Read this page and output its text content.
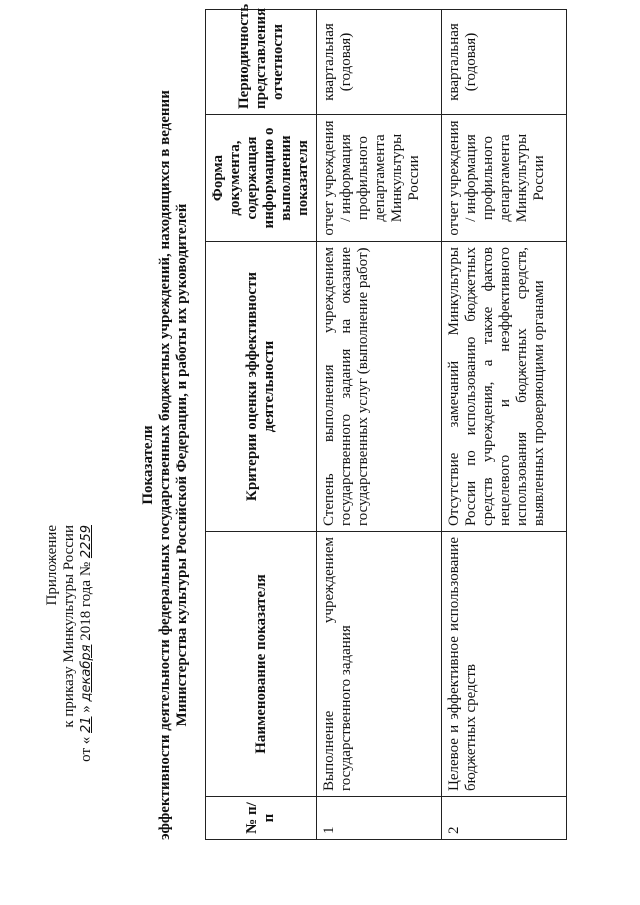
Приложение к приказу Минкультуры России
от « 21 » декабря 2018 года № 2259
Показатели эффективности деятельности федеральных государственных бюджетных учреждений, находящихся в ведении Министерства культуры Российской Федерации, и работы их руководителей
№ п/п	Наименование показателя	Критерии оценки эффективности деятельности	Форма документа, содержащая информацию о выполнении показателя	Периодичность представления отчетности
1	Выполнение учреждением государственного задания	Степень выполнения учреждением государственного задания на оказание государственных услуг (выполнение работ)	отчет учреждения / информация профильного департамента Минкультуры России	квартальная (годовая)
2	Целевое и эффективное использование бюджетных средств	Отсутствие замечаний Минкультуры России по использованию бюджетных средств учреждения, а также фактов нецелевого и неэффективного использования бюджетных средств, выявленных проверяющими органами	отчет учреждения / информация профильного департамента Минкультуры России	квартальная (годовая)
